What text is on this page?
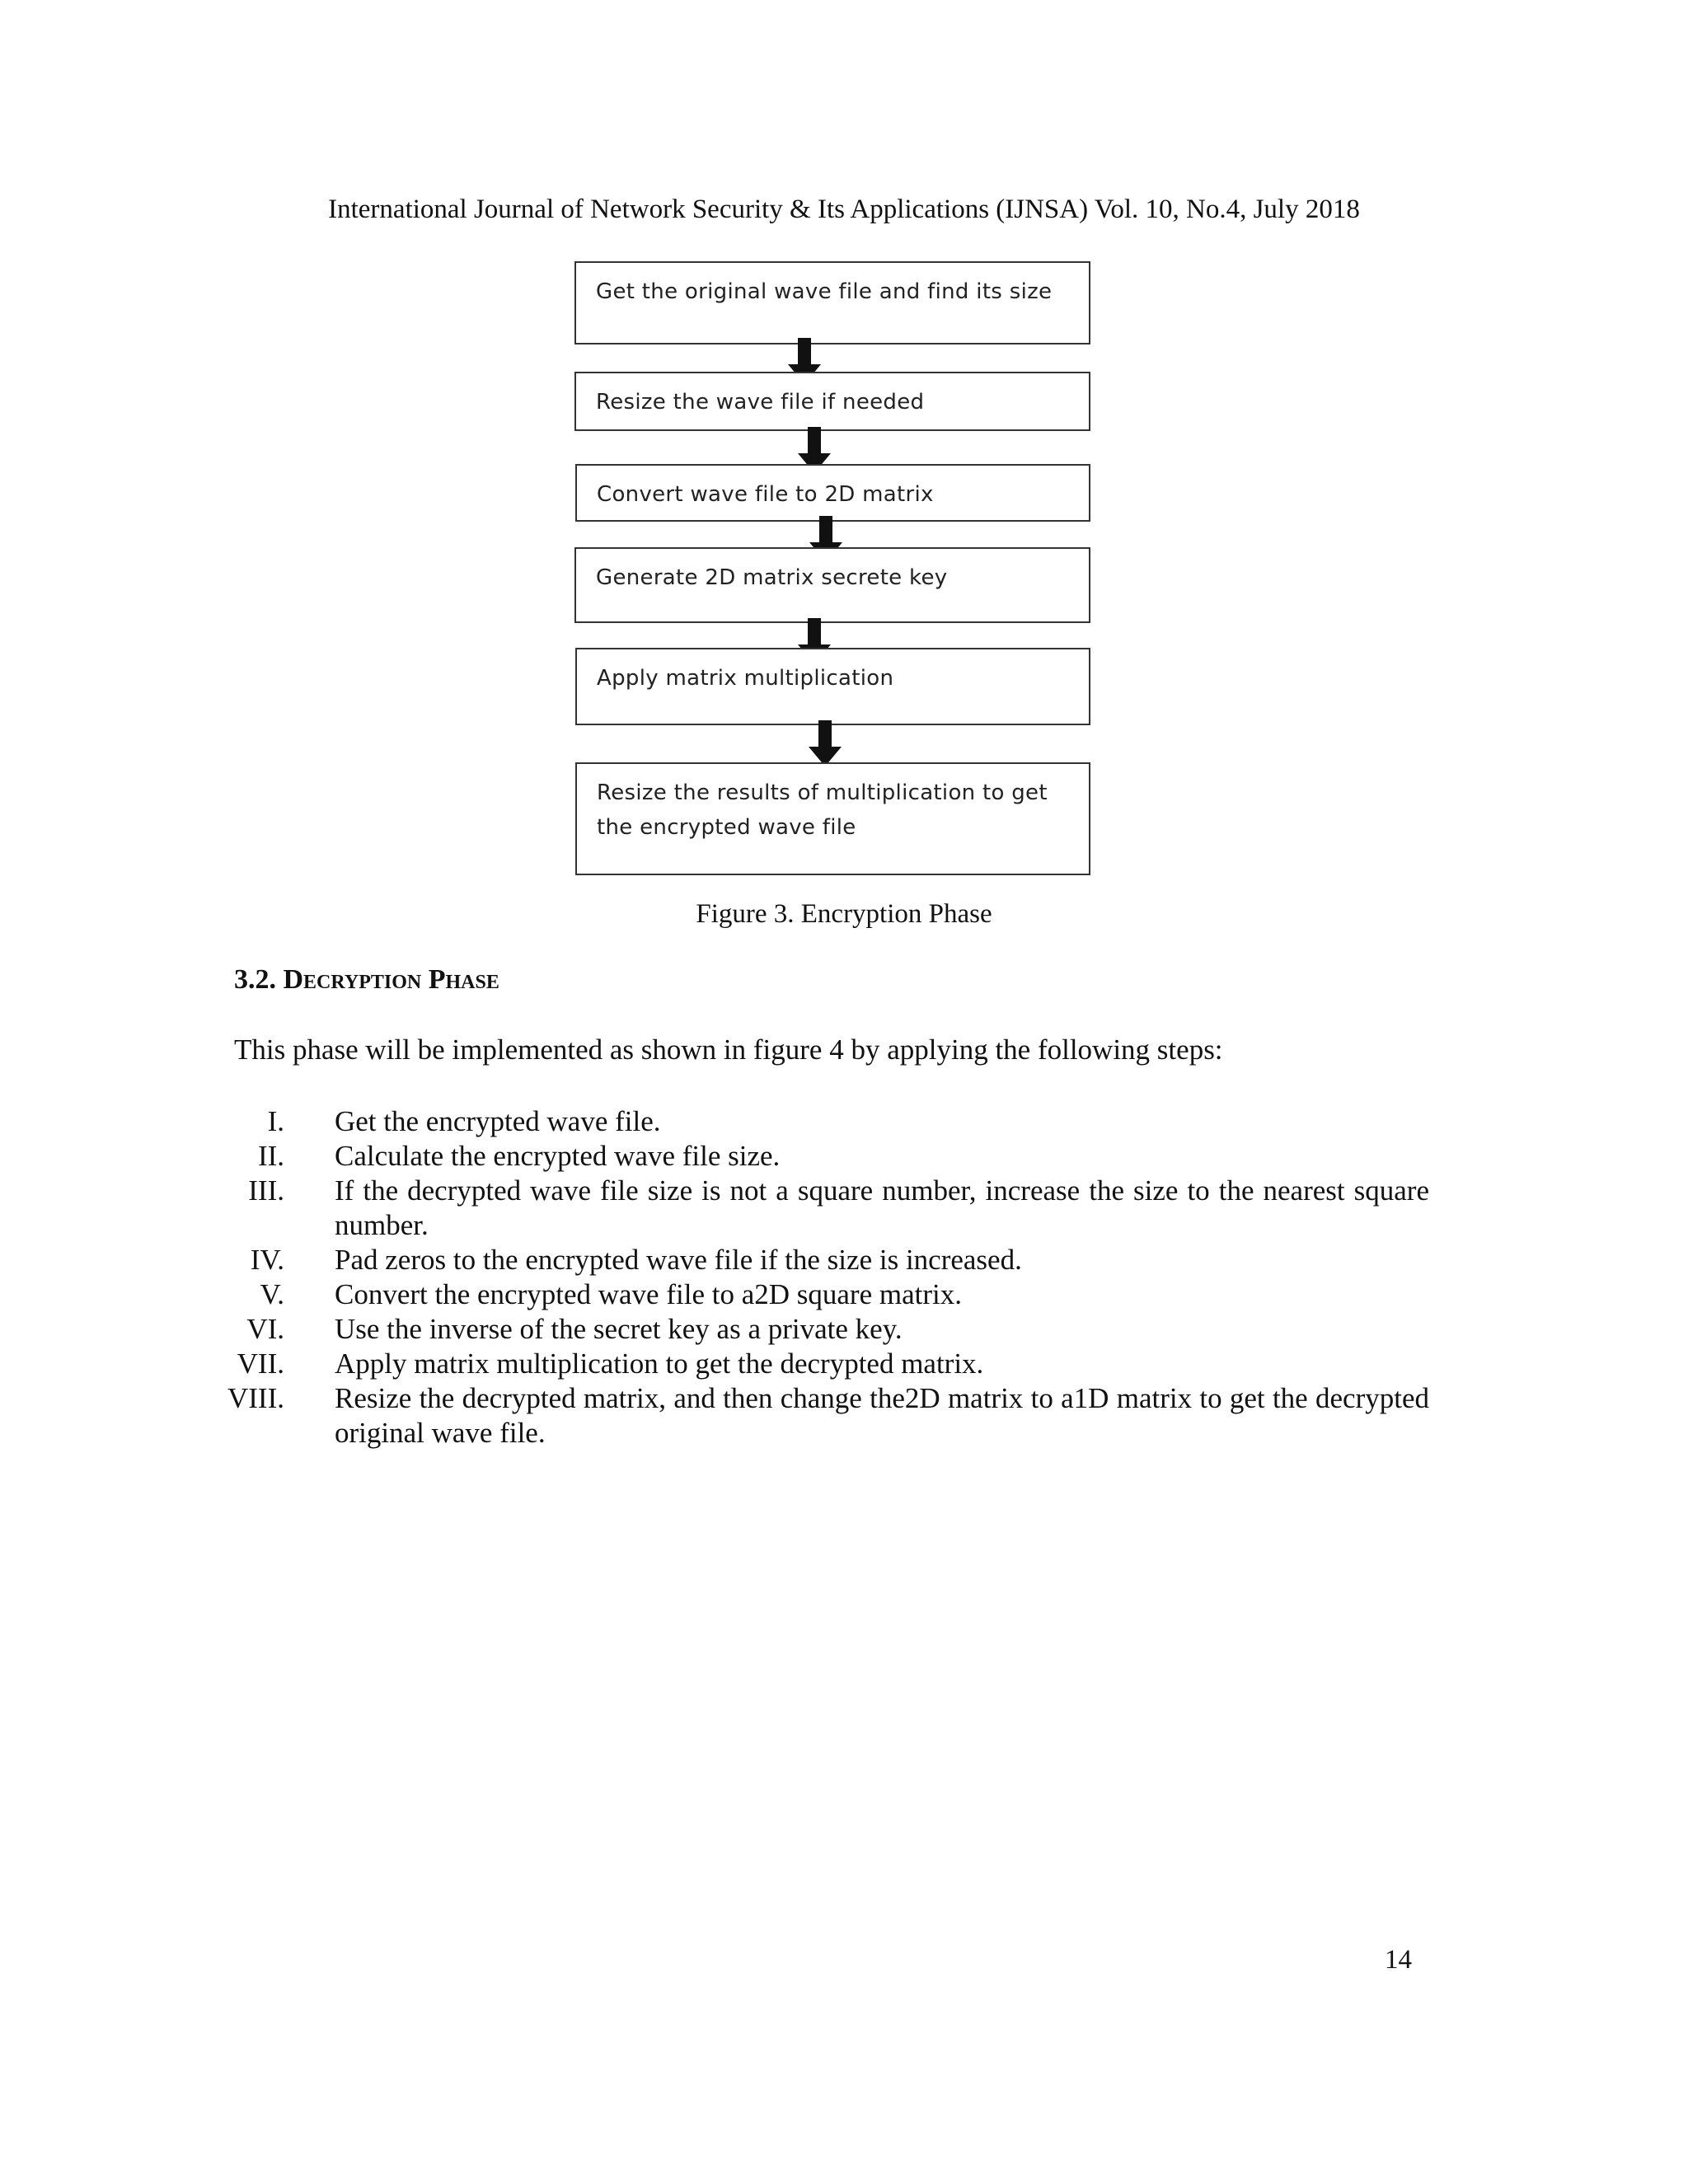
International Journal of Network Security & Its Applications (IJNSA) Vol. 10, No.4, July 2018
Get the original wave file and find its size
Resize the wave file if needed
Convert wave file to 2D matrix
Generate 2D matrix secrete key
Apply matrix multiplication
Resize the results of multiplication to get the encrypted wave file
Figure 3. Encryption Phase
3.2. Decryption Phase
This phase will be implemented as shown in figure 4 by applying the following steps:
I. Get the encrypted wave file.
II. Calculate the encrypted wave file size.
III. If the decrypted wave file size is not a square number, increase the size to the nearest square number.
IV. Pad zeros to the encrypted wave file if the size is increased.
V. Convert the encrypted wave file to a2D square matrix.
VI. Use the inverse of the secret key as a private key.
VII. Apply matrix multiplication to get the decrypted matrix.
VIII. Resize the decrypted matrix, and then change the2D matrix to a1D matrix to get the decrypted original wave file.
14
